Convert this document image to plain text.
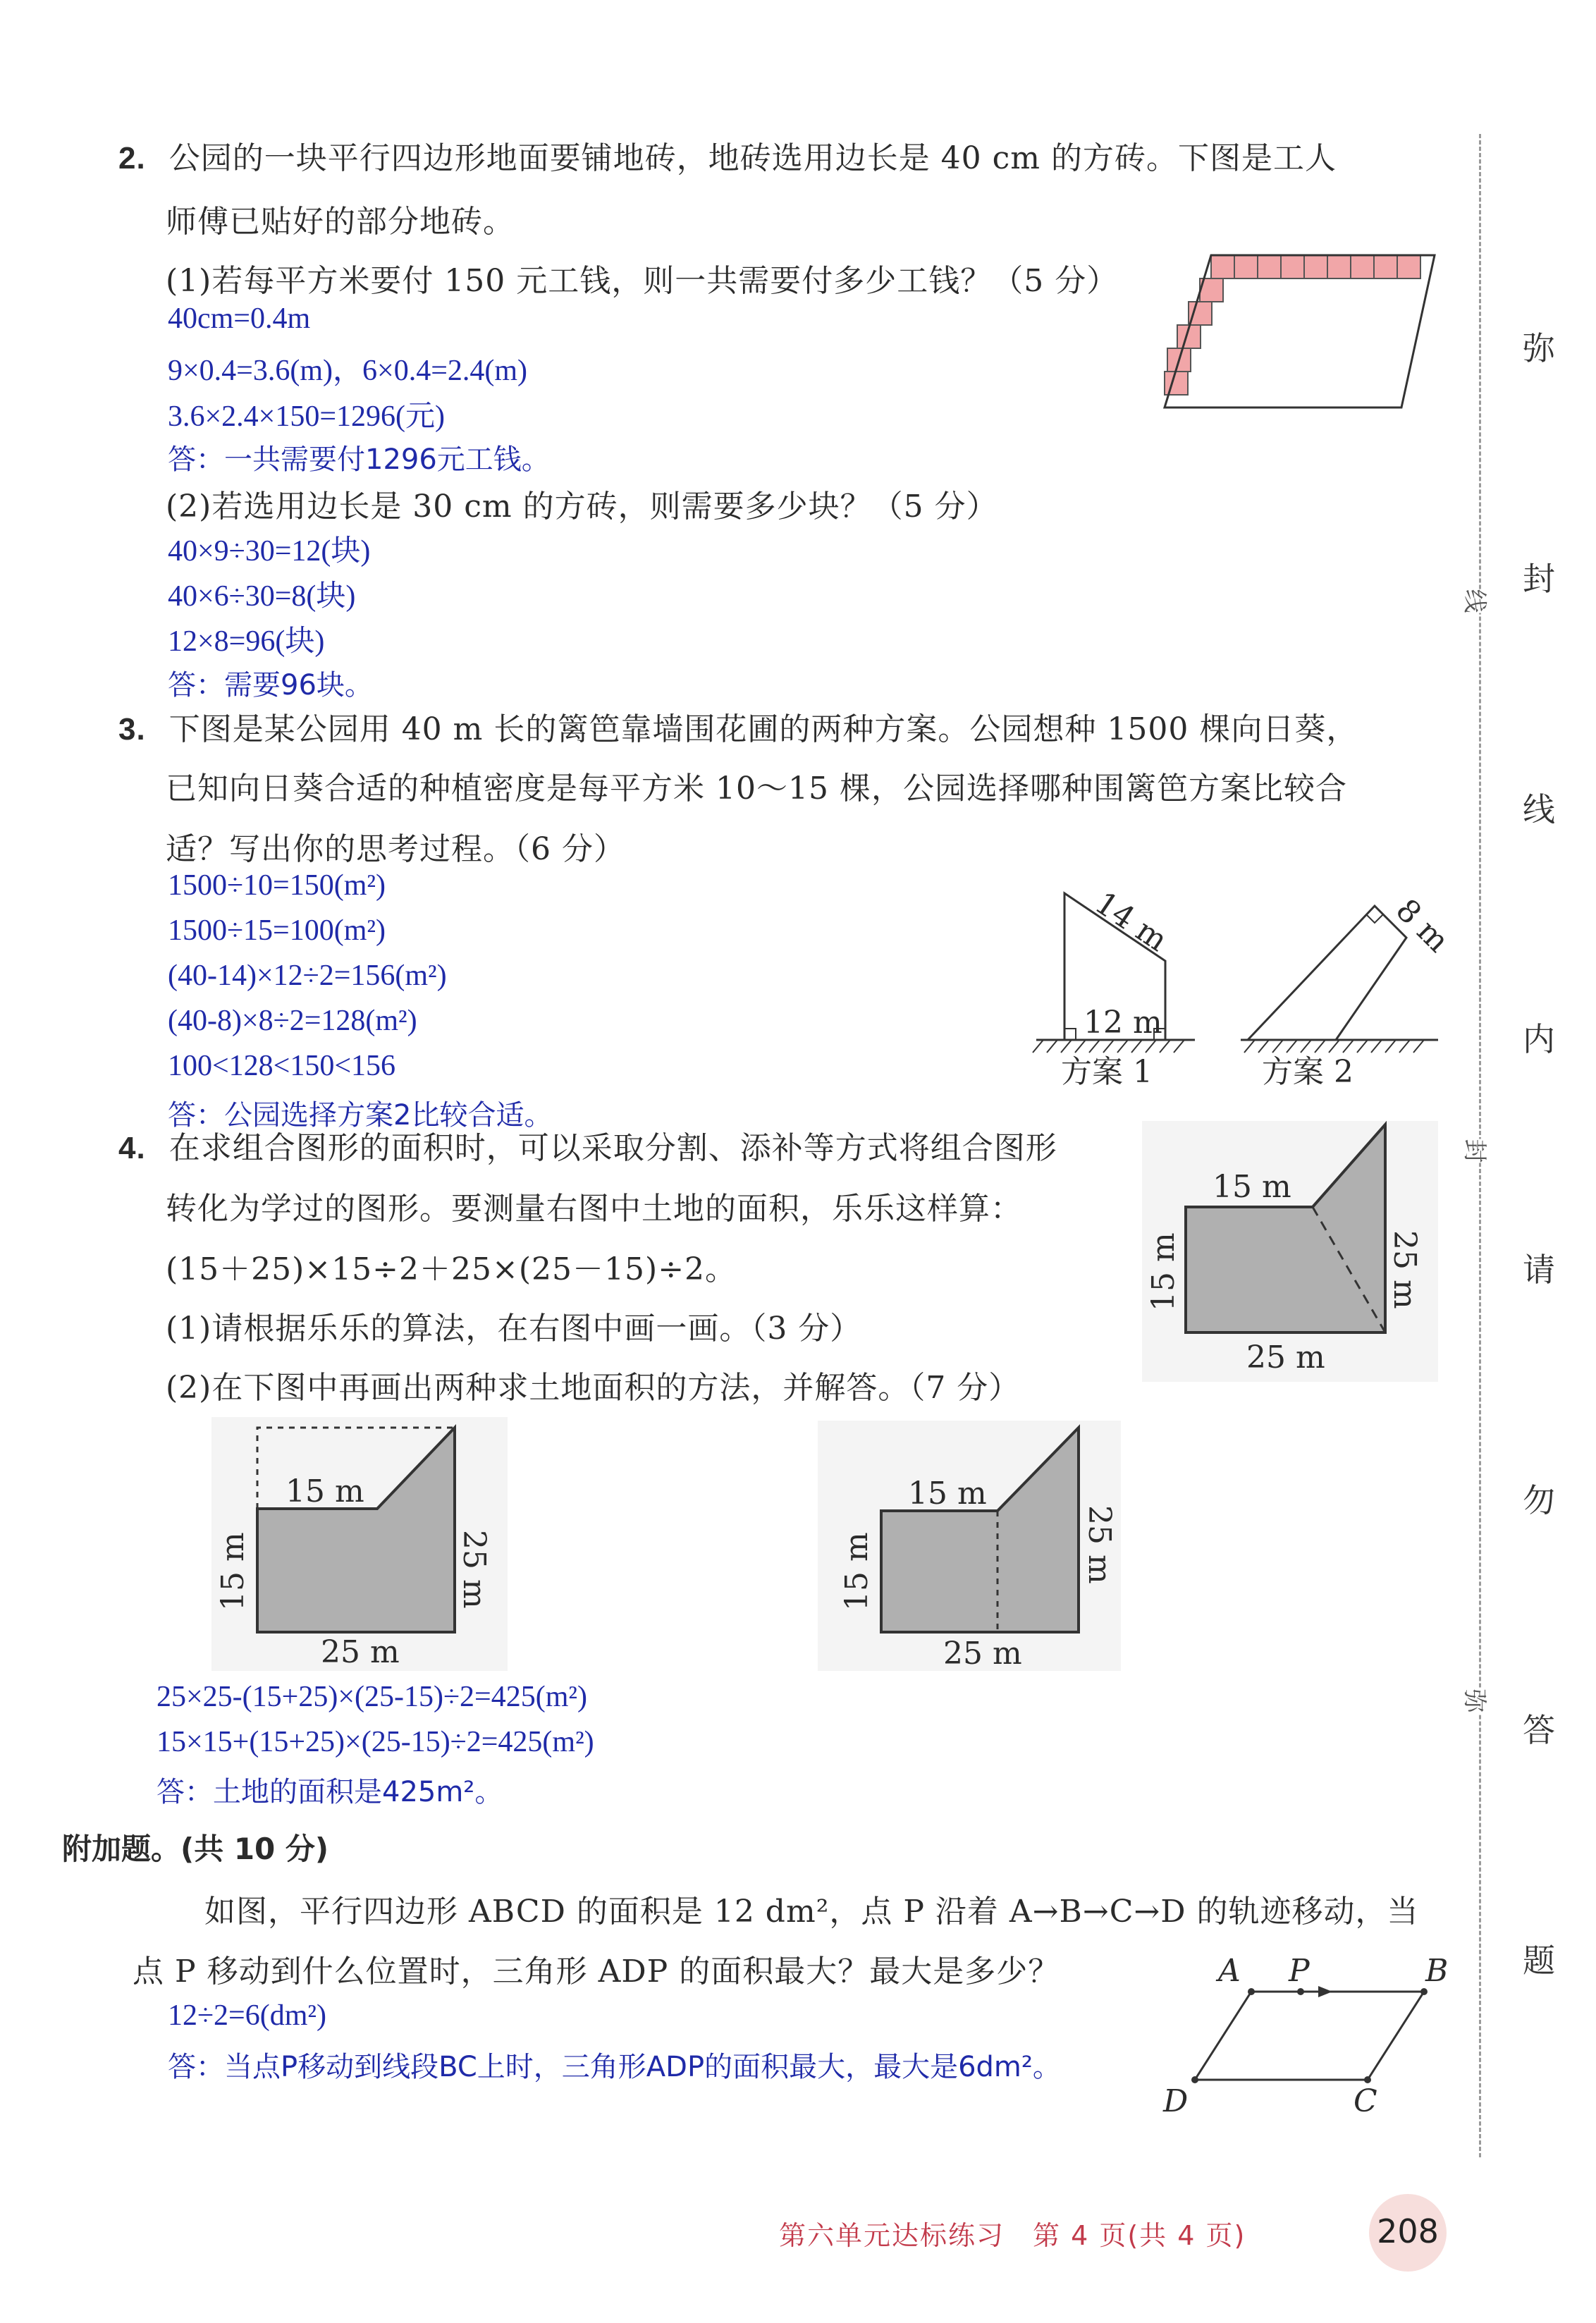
2. 公园的一块平行四边形地面要铺地砖，地砖选用边长是 40 cm 的方砖。下图是工人
师傅已贴好的部分地砖。
(1)若每平方米要付 150 元工钱，则一共需要付多少工钱？（5 分）
40cm=0.4m
9×0.4=3.6(m)，6×0.4=2.4(m)
3.6×2.4×150=1296(元)
答：一共需要付1296元工钱。
(2)若选用边长是 30 cm 的方砖，则需要多少块？（5 分）
40×9÷30=12(块)
40×6÷30=8(块)
12×8=96(块)
答：需要96块。
3. 下图是某公园用 40 m 长的篱笆靠墙围花圃的两种方案。公园想种 1500 棵向日葵，
已知向日葵合适的种植密度是每平方米 10～15 棵，公园选择哪种围篱笆方案比较合
适？写出你的思考过程。（6 分）
1500÷10=150(m²)
1500÷15=100(m²)
(40-14)×12÷2=156(m²)
(40-8)×8÷2=128(m²)
100<128<150<156
答：公园选择方案2比较合适。
14 m
12 m
方案 1
8 m
方案 2
4. 在求组合图形的面积时，可以采取分割、添补等方式将组合图形
转化为学过的图形。要测量右图中土地的面积，乐乐这样算：
(15＋25)×15÷2＋25×(25－15)÷2。
(1)请根据乐乐的算法，在右图中画一画。（3 分）
(2)在下图中再画出两种求土地面积的方法，并解答。（7 分）
15 m
15 m	25 m
25 m
15 m
15 m	25 m
25 m
15 m
15 m	25 m
25 m
25×25-(15+25)×(25-15)÷2=425(m²)
15×15+(15+25)×(25-15)÷2=425(m²)
答：土地的面积是425m²。
附加题。(共 10 分)
如图，平行四边形 ABCD 的面积是 12 dm²，点 P 沿着 A→B→C→D 的轨迹移动，当
点 P 移动到什么位置时，三角形 ADP 的面积最大？最大是多少？
12÷2=6(dm²)
答：当点P移动到线段BC上时，三角形ADP的面积最大，最大是6dm²。
A P	B
D	C
线
封
弥
弥
封
线
内
请
勿
答
题
第六单元达标练习　第 4 页(共 4 页)	208
